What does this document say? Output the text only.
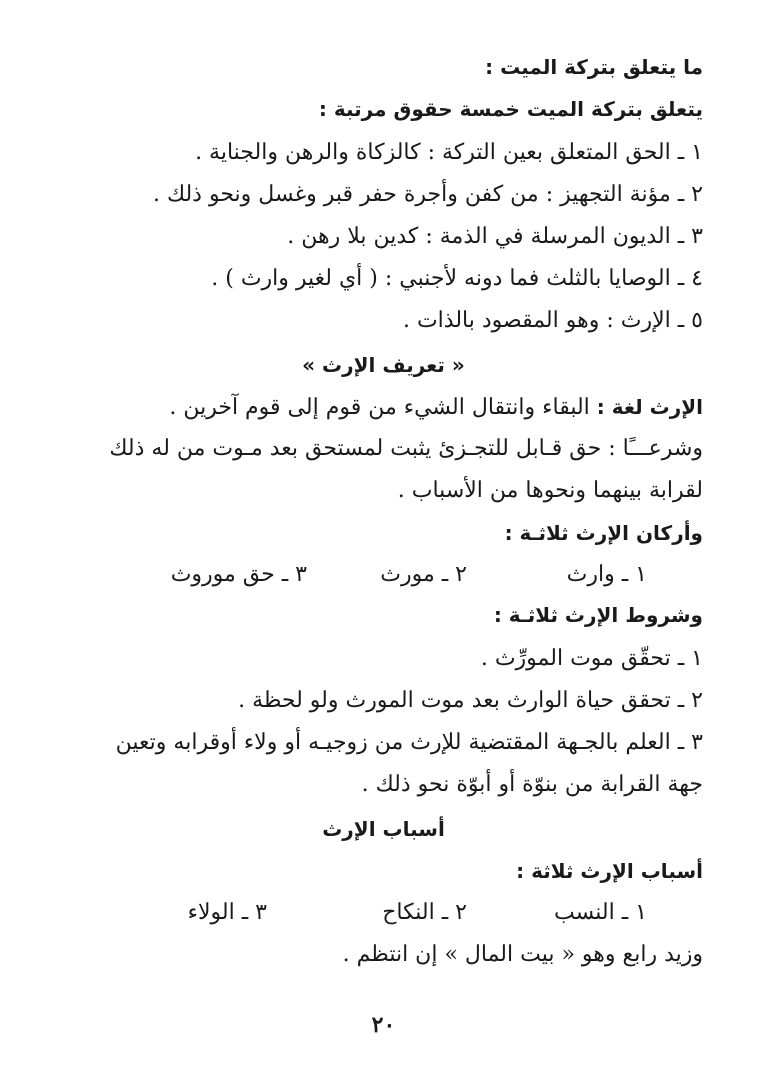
ما يتعلق بتركة الميت :
يتعلق بتركة الميت خمسة حقوق مرتبة :
١ ـ الحق المتعلق بعين التركة : كالزكاة والرهن والجناية .
٢ ـ مؤنة التجهيز : من كفن وأجرة حفر قبر وغسل ونحو ذلك .
٣ ـ الديون المرسلة في الذمة : كدين بلا رهن .
٤ ـ الوصايا بالثلث فما دونه لأجنبي : ( أي لغير وارث ) .
٥ ـ الإرث : وهو المقصود بالذات .
« تعريف الإرث »
الإرث لغة : البقاء وانتقال الشيء من قوم إلى قوم آخرين .
وشرعـــًا : حق قـابل للتجـزئ يثبت لمستحق بعد مـوت من له ذلك
لقرابة بينهما ونحوها من الأسباب .
وأركان الإرث ثلاثـة :
١ ـ وارث
٢ ـ مورث
٣ ـ حق موروث
وشروط الإرث ثلاثـة :
١ ـ تحقّق موت المورِّث .
٢ ـ تحقق حياة الوارث بعد موت المورث ولو لحظة .
٣ ـ العلم بالجـهة المقتضية للإرث من زوجيـه أو ولاء أوقرابه وتعين
جهة القرابة من بنوّة أو أبوّة نحو ذلك .
أسباب الإرث
أسباب الإرث ثلاثة :
١ ـ النسب
٢ ـ النكاح
٣ ـ الولاء
وزيد رابع وهو « بيت المال » إن انتظم .
٢٠
